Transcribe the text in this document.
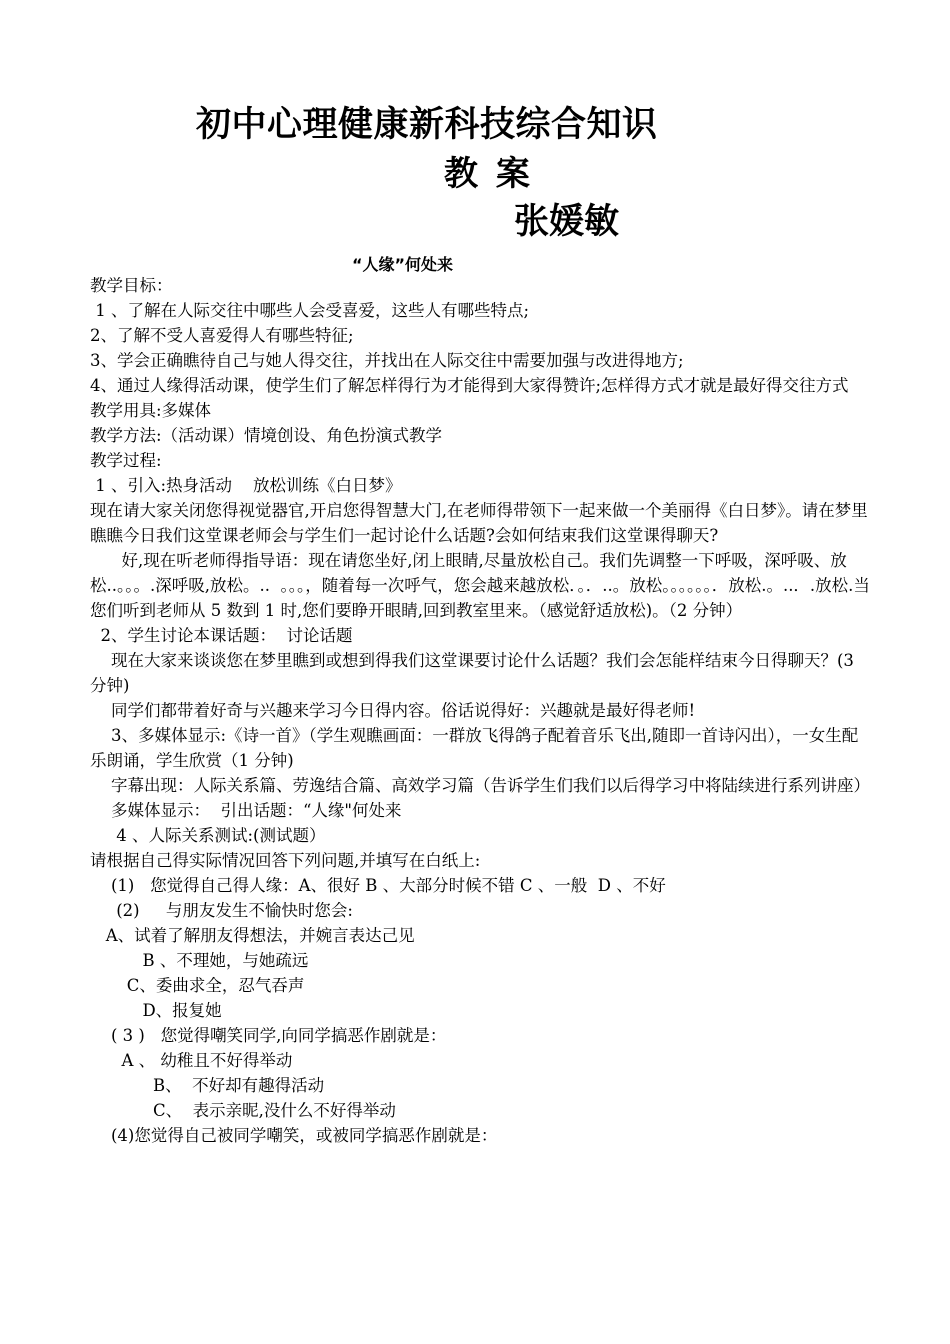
初中心理健康新科技综合知识
教 案
张媛敏
“人缘”何处来

教学目标：

1 、了解在人际交往中哪些人会受喜爱，这些人有哪些特点;

2、了解不受人喜爱得人有哪些特征;

3、学会正确瞧待自己与她人得交往，并找出在人际交往中需要加强与改进得地方;

4、通过人缘得活动课，使学生们了解怎样得行为才能得到大家得赞许;怎样得方式才就是最好得交往方式

教学用具:多媒体

教学方法:（活动课）情境创设、角色扮演式教学

教学过程:

1 、引入:热身活动    放松训练《白日梦》

现在请大家关闭您得视觉器官,开启您得智慧大门,在老师得带领下一起来做一个美丽得《白日梦》。请在梦里瞧瞧今日我们这堂课老师会与学生们一起讨论什么话题?会如何结束我们这堂课得聊天?

好,现在听老师得指导语：现在请您坐好,闭上眼睛,尽量放松自己。我们先调整一下呼吸，深呼吸、放松..。。。.深呼吸,放松。..  。。。，随着每一次呼气，您会越来越放松．。．..。放松。。。。。。．放松.。..．.放松.当您们听到老师从 5 数到 1 时,您们要睁开眼睛,回到教室里来。（感觉舒适放松)。（2 分钟）

2、学生讨论本课话题：  讨论话题

现在大家来谈谈您在梦里瞧到或想到得我们这堂课要讨论什么话题？我们会怎能样结束今日得聊天？(3 分钟)

同学们都带着好奇与兴趣来学习今日得内容。俗话说得好：兴趣就是最好得老师!

3、多媒体显示:《诗一首》（学生观瞧画面：一群放飞得鸽子配着音乐飞出,随即一首诗闪出），一女生配乐朗诵，学生欣赏（1 分钟)

字幕出现：人际关系篇、劳逸结合篇、高效学习篇（告诉学生们我们以后得学习中将陆续进行系列讲座）

多媒体显示：  引出话题：“人缘"何处来

4 、人际关系测试:(测试题）

请根据自己得实际情况回答下列问题,并填写在白纸上:

(1)   您觉得自己得人缘：A、很好 B 、大部分时候不错 C 、一般  D 、不好

(2)     与朋友发生不愉快时您会:

A、试着了解朋友得想法，并婉言表达己见

B 、不理她，与她疏远

C、委曲求全，忍气吞声

D、报复她

( 3 )   您觉得嘲笑同学,向同学搞恶作剧就是：

A 、 幼稚且不好得举动

B、  不好却有趣得活动

C、  表示亲昵,没什么不好得举动

(4)您觉得自己被同学嘲笑，或被同学搞恶作剧就是：
